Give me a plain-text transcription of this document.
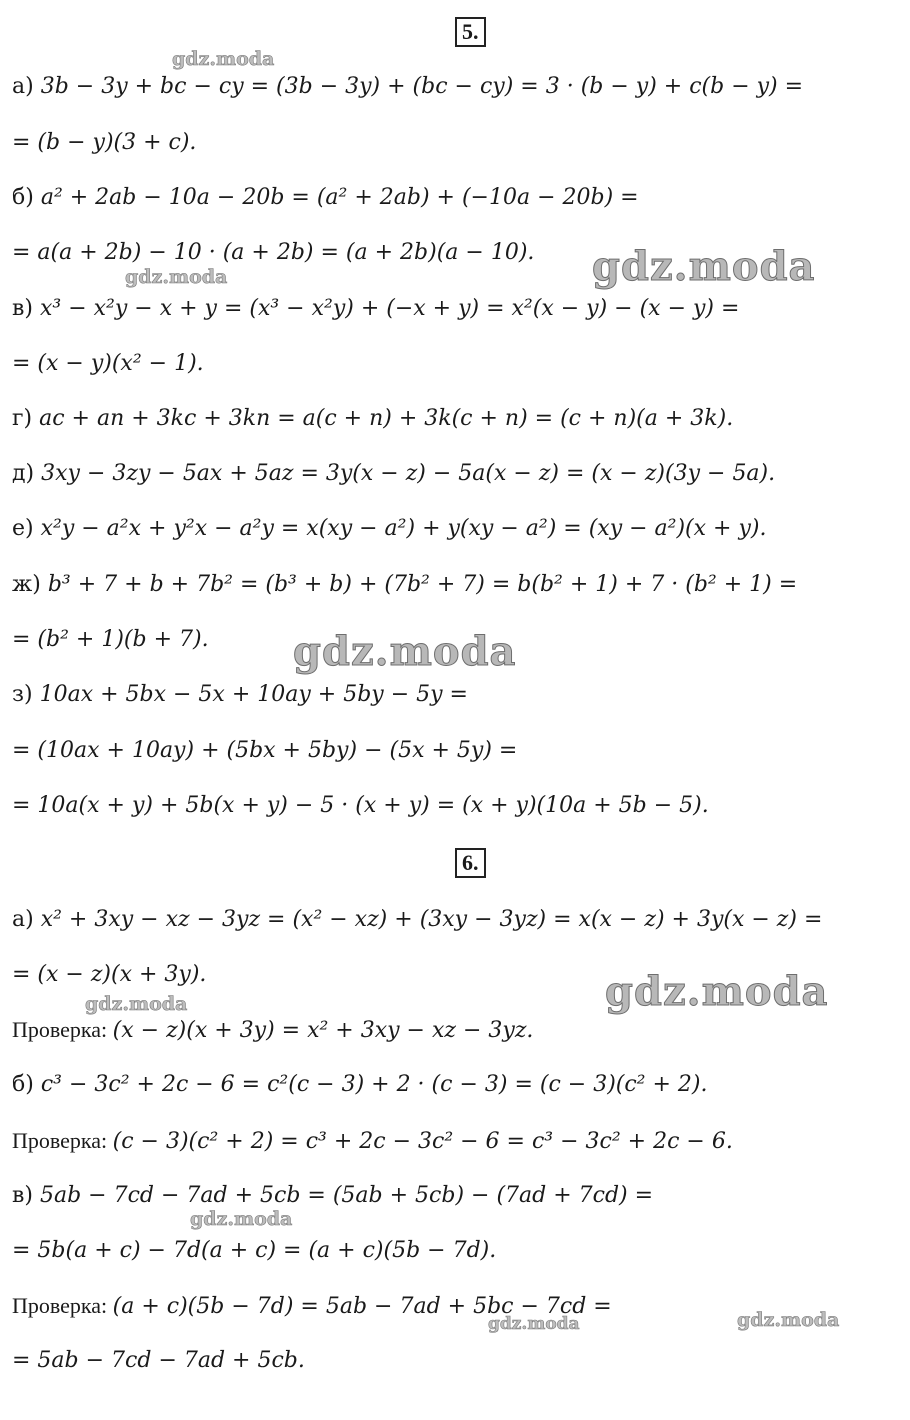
5.
6.
а) 3b − 3y + bc − cy = (3b − 3y) + (bc − cy) = 3 · (b − y) + c(b − y) =
= (b − y)(3 + c).
б) a² + 2ab − 10a − 20b = (a² + 2ab) + (−10a − 20b) =
= a(a + 2b) − 10 · (a + 2b) = (a + 2b)(a − 10).
в) x³ − x²y − x + y = (x³ − x²y) + (−x + y) = x²(x − y) − (x − y) =
= (x − y)(x² − 1).
г) ac + an + 3kc + 3kn = a(c + n) + 3k(c + n) = (c + n)(a + 3k).
д) 3xy − 3zy − 5ax + 5az = 3y(x − z) − 5a(x − z) = (x − z)(3y − 5a).
е) x²y − a²x + y²x − a²y = x(xy − a²) + y(xy − a²) = (xy − a²)(x + y).
ж) b³ + 7 + b + 7b² = (b³ + b) + (7b² + 7) = b(b² + 1) + 7 · (b² + 1) =
= (b² + 1)(b + 7).
з) 10ax + 5bx − 5x + 10ay + 5by − 5y =
= (10ax + 10ay) + (5bx + 5by) − (5x + 5y) =
= 10a(x + y) + 5b(x + y) − 5 · (x + y) = (x + y)(10a + 5b − 5).
а) x² + 3xy − xz − 3yz = (x² − xz) + (3xy − 3yz) = x(x − z) + 3y(x − z) =
= (x − z)(x + 3y).
Проверка: (x − z)(x + 3y) = x² + 3xy − xz − 3yz.
б) c³ − 3c² + 2c − 6 = c²(c − 3) + 2 · (c − 3) = (c − 3)(c² + 2).
Проверка: (c − 3)(c² + 2) = c³ + 2c − 3c² − 6 = c³ − 3c² + 2c − 6.
в) 5ab − 7cd − 7ad + 5cb = (5ab + 5cb) − (7ad + 7cd) =
= 5b(a + c) − 7d(a + c) = (a + c)(5b − 7d).
Проверка: (a + c)(5b − 7d) = 5ab − 7ad + 5bc − 7cd =
= 5ab − 7cd − 7ad + 5cb.
gdz.moda
gdz.moda
gdz.moda
gdz.moda
gdz.moda
gdz.moda
gdz.moda
gdz.moda	gdz.moda
